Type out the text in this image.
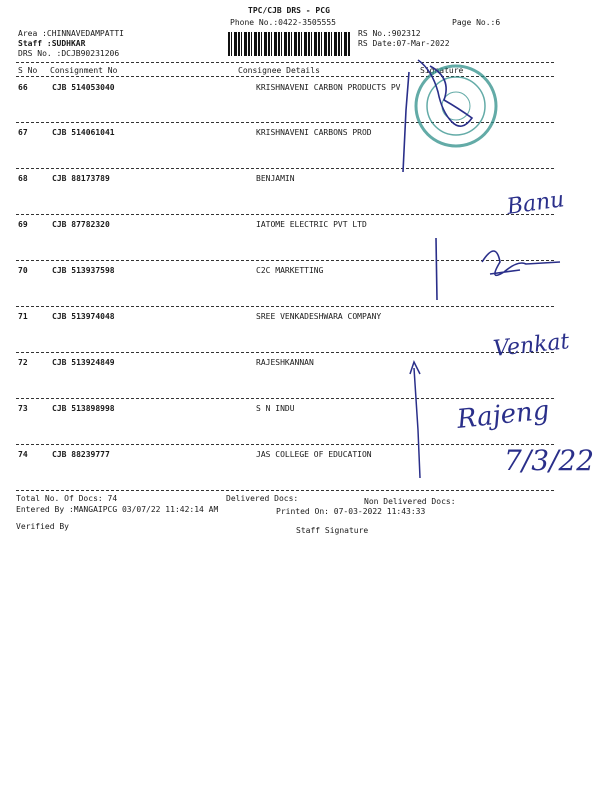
TPC/CJB DRS - PCG
Phone No.:0422-3505555	Page No.:6
Area :CHINNAVEDAMPATTI
Staff :SUDHKAR
DRS No. :DCJB90231206
RS No.:902312
RS Date:07-Mar-2022
S No Consignment No	Consignee Details	Signature
66	CJB 514053040	KRISHNAVENI CARBON PRODUCTS PV
67	CJB 514061041	KRISHNAVENI CARBONS PROD
68	CJB 88173789	BENJAMIN
69	CJB 87782320	IATOME ELECTRIC PVT LTD
70	CJB 513937598	C2C MARKETTING
71	CJB 513974048	SREE VENKADESHWARA COMPANY
72	CJB 513924849	RAJESHKANNAN
73	CJB 513898998	S N INDU
74	CJB 88239777	JAS COLLEGE OF EDUCATION
Total No. Of Docs: 74	Delivered Docs:	Non Delivered Docs:
Entered By :MANGAIPCG 03/07/22 11:42:14 AM	Printed On: 07-03-2022 11:43:33
Verified By	Staff Signature
Banu
Venkat
Rajeng
7/3/22
